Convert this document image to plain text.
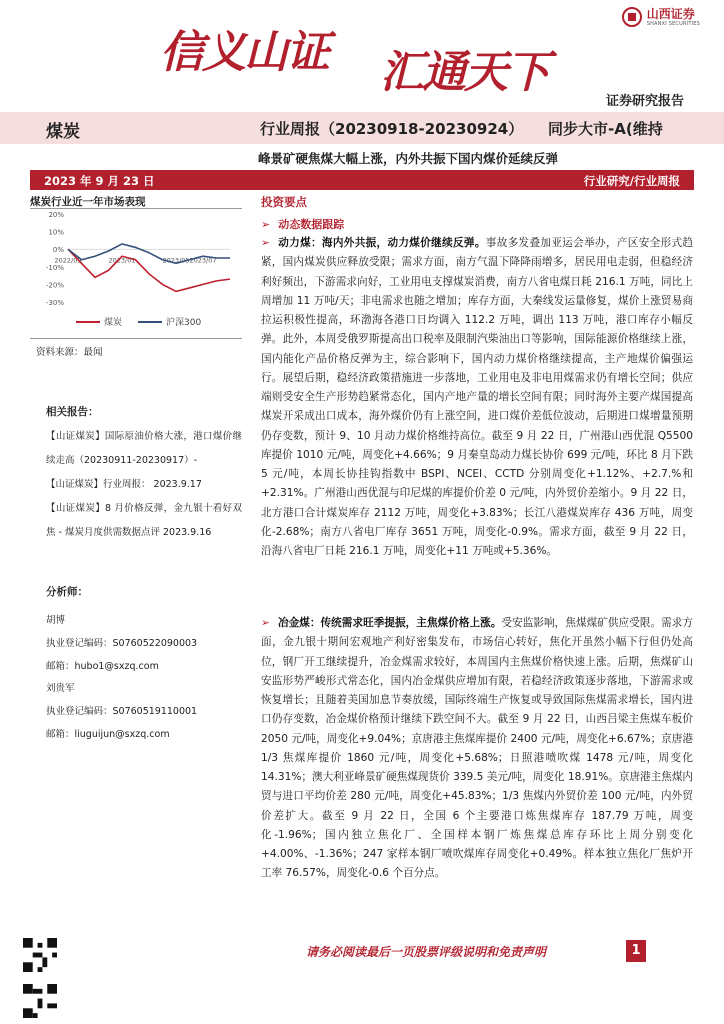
信义山证 汇通天下
山西证券
SHANXI SECURITIES
证券研究报告
煤炭	行业周报（20230918-20230924） 同步大市-A(维持
峰景矿硬焦煤大幅上涨，内外共振下国内煤价延续反弹
2023 年 9 月 23 日	行业研究/行业周报
煤炭行业近一年市场表现
20%
10%
0%
-10%
-20%
-30%
2022/09	2023/01	2023/05 2023/07
煤炭	沪深300
资料来源：最闻
相关报告：
【山证煤炭】国际原油价格大涨，港口煤价继续走高（20230911-20230917）-
【山证煤炭】行业周报： 2023.9.17
【山证煤炭】8 月价格反弹，金九银十看好双焦 - 煤炭月度供需数据点评 2023.9.16
分析师：
胡博
执业登记编码：S0760522090003
邮箱：hubo1@sxzq.com
刘贵军
执业登记编码：S0760519110001
邮箱：liuguijun@sxzq.com
投资要点
➢ 动态数据跟踪
➢ 动力煤：海内外共振，动力煤价继续反弹。事故多发叠加亚运会举办，产区安全形式趋紧，国内煤炭供应释放受限；需求方面，南方气温下降降雨增多，居民用电走弱，但稳经济利好频出，下游需求向好，工业用电支撑煤炭消费，南方八省电煤日耗 216.1 万吨，同比上周增加 11 万吨/天；非电需求也随之增加；库存方面，大秦线发运量修复，煤价上涨贸易商拉运积极性提高，环渤海各港口日均调入 112.2 万吨，调出 113 万吨，港口库存小幅反弹。此外，本周受俄罗斯提高出口税率及限制汽柴油出口等影响，国际能源价格继续上涨，国内能化产品价格反弹为主，综合影响下，国内动力煤价格继续提高，主产地煤价偏强运行。展望后期，稳经济政策措施进一步落地，工业用电及非电用煤需求仍有增长空间；供应端则受安全生产形势趋紧常态化，国内产地产量的增长空间有限；同时海外主要产煤国提高煤炭开采成出口成本，海外煤价仍有上涨空间，进口煤价差低位波动，后期进口煤增量预期仍存变数，预计 9、10 月动力煤价格维持高位。截至 9 月 22 日，广州港山西优混 Q5500 库提价 1010 元/吨，周变化+4.66%；9 月秦皇岛动力煤长协价 699 元/吨，环比 8 月下跌 5 元/吨，本周长协挂钩指数中 BSPI、NCEI、CCTD 分别周变化+1.12%、+2.7.%和+2.31%。广州港山西优混与印尼煤的库提价价差 0 元/吨，内外贸价差缩小。9 月 22 日，北方港口合计煤炭库存 2112 万吨，周变化+3.83%；长江八港煤炭库存 436 万吨，周变化-2.68%；南方八省电厂库存 3651 万吨，周变化-0.9%。需求方面，截至 9 月 22 日，沿海八省电厂日耗 216.1 万吨，周变化+11 万吨或+5.36%。
➢ 冶金煤：传统需求旺季提振，主焦煤价格上涨。受安监影响，焦煤煤矿供应受限。需求方面，金九银十期间宏观地产利好密集发布，市场信心转好，焦化开虽然小幅下行但仍处高位，钢厂开工继续提升，冶金煤需求较好，本周国内主焦煤价格快速上涨。后期，焦煤矿山安监形势严峻形式常态化，国内冶金煤供应增加有限，若稳经济政策逐步落地，下游需求或恢复增长；且随着美国加息节奏放缓，国际终端生产恢复或导致国际焦煤需求增长，国内进口仍存变数，冶金煤价格预计继续下跌空间不大。截至 9 月 22 日，山西吕梁主焦煤车板价 2050 元/吨，周变化+9.04%；京唐港主焦煤库提价 2400 元/吨，周变化+6.67%；京唐港 1/3 焦煤库提价 1860 元/吨，周变化+5.68%；日照港喷吹煤 1478 元/吨，周变化 14.31%；澳大利亚峰景矿硬焦煤现货价 339.5 美元/吨，周变化 18.91%。京唐港主焦煤内贸与进口平均价差 280 元/吨，周变化+45.83%；1/3 焦煤内外贸价差 100 元/吨，内外贸价差扩大。截至 9 月 22 日，全国 6 个主要港口炼焦煤库存 187.79 万吨，周变化-1.96%；国内独立焦化厂、全国样本钢厂炼焦煤总库存环比上周分别变化+4.00%、-1.36%；247 家样本钢厂喷吹煤库存周变化+0.49%。样本独立焦化厂焦炉开工率 76.57%，周变化-0.6 个百分点。
请务必阅读最后一页股票评级说明和免责声明	1
